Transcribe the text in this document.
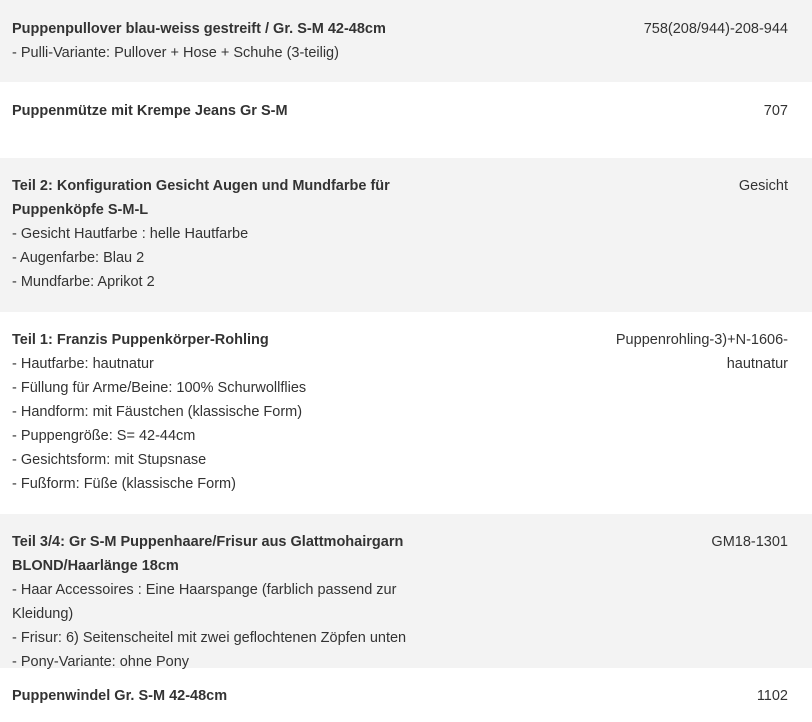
Puppenpullover blau-weiss gestreift / Gr. S-M 42-48cm
- Pulli-Variante: Pullover + Hose + Schuhe (3-teilig)
758(208/944)-208-944
Puppenmütze mit Krempe Jeans Gr S-M	707
Teil 2: Konfiguration Gesicht Augen und Mundfarbe für Puppenköpfe S-M-L
- Gesicht Hautfarbe : helle Hautfarbe
- Augenfarbe: Blau 2
- Mundfarbe: Aprikot 2
Gesicht
Teil 1: Franzis Puppenkörper-Rohling
- Hautfarbe: hautnatur
- Füllung für Arme/Beine: 100% Schurwollflies
- Handform: mit Fäustchen (klassische Form)
- Puppengröße: S= 42-44cm
- Gesichtsform: mit Stupsnase
- Fußform: Füße (klassische Form)
Puppenrohling-3)+N-1606-hautnatur
Teil 3/4: Gr S-M Puppenhaare/Frisur aus Glattmohairgarn BLOND/Haarlänge 18cm
- Haar Accessoires : Eine Haarspange (farblich passend zur Kleidung)
- Frisur: 6) Seitenscheitel mit zwei geflochtenen Zöpfen unten
- Pony-Variante: ohne Pony
GM18-1301
Puppenwindel Gr. S-M 42-48cm	1102
